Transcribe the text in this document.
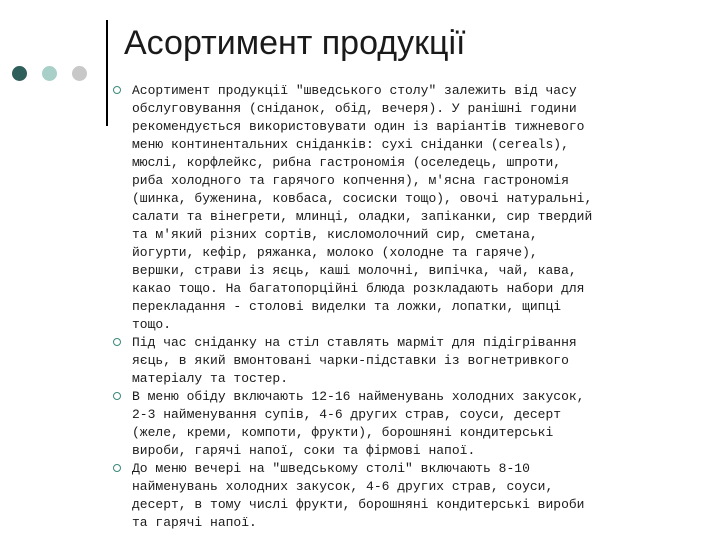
Асортимент продукції
Асортимент продукції "шведського столу" залежить від часу
обслуговування (сніданок, обід, вечеря). У ранішні години
рекомендується використовувати один із варіантів тижневого
меню континентальних сніданків: сухі сніданки (cereals),
мюслі, корфлейкс, рибна гастрономія (оселедець, шпроти,
риба холодного та гарячого копчення), м'ясна гастрономія
(шинка, буженина, ковбаса, сосиски тощо), овочі натуральні,
салати та вінегрети, млинці, оладки, запіканки, сир твердий
та м'який різних сортів, кисломолочний сир, сметана,
йогурти, кефір, ряжанка, молоко (холодне та гаряче),
вершки, страви із яєць, каші молочні, випічка, чай, кава,
какао тощо. На багатопорційні блюда розкладають набори для
перекладання - столові виделки та ложки, лопатки, щипці
тощо.
Під час сніданку на стіл ставлять марміт для підігрівання
яєць, в який вмонтовані чарки-підставки із вогнетривкого
матеріалу та тостер.
В меню обіду включають 12-16 найменувань холодних закусок,
2-3 найменування супів, 4-6 других страв, соуси, десерт
(желе, креми, компоти, фрукти), борошняні кондитерські
вироби, гарячі напої, соки та фірмові напої.
До меню вечері на "шведському столі" включають 8-10
найменувань холодних закусок, 4-6 других страв, соуси,
десерт, в тому числі фрукти, борошняні кондитерські вироби
та гарячі напої.
